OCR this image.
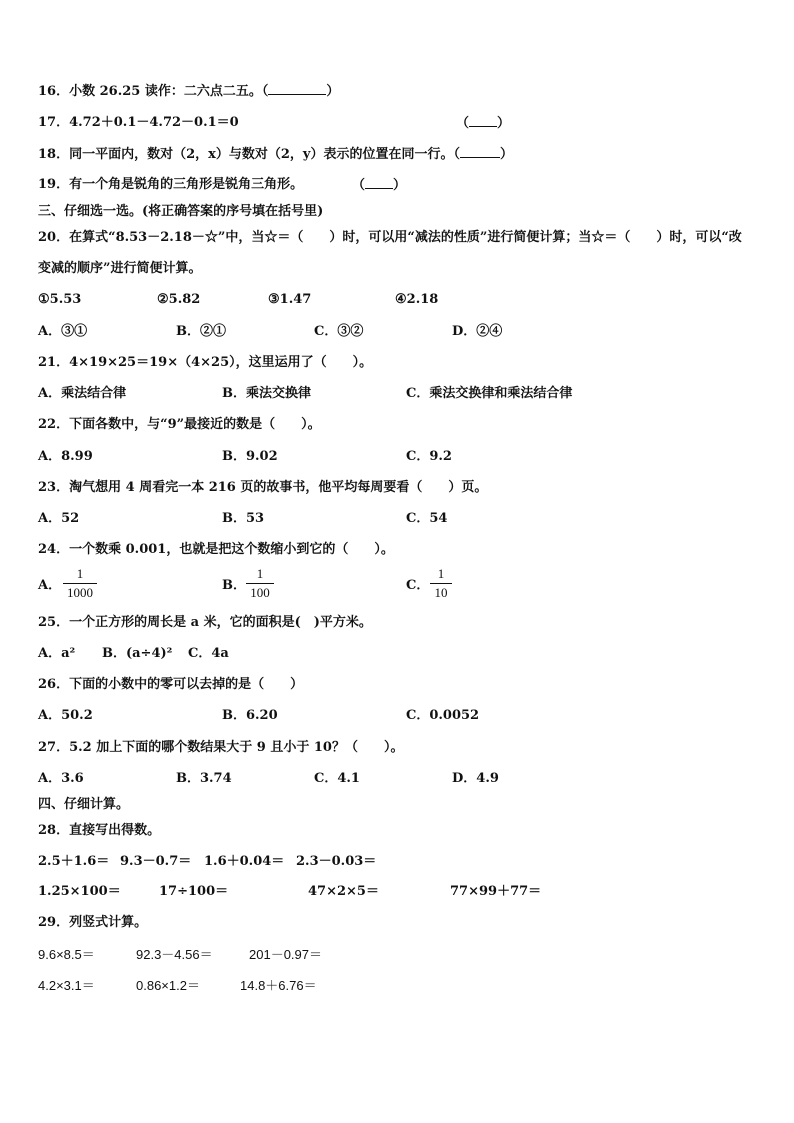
16．小数 26.25 读作：二六点二五。（	）
17．4.72＋0.1－4.72－0.1＝0	（ ）
18．同一平面内，数对（2，x）与数对（2，y）表示的位置在同一行。（	）
19．有一个角是锐角的三角形是锐角三角形。	（ ）
三、仔细选一选。(将正确答案的序号填在括号里)
20．在算式“8.53－2.18－☆”中，当☆＝（　　）时，可以用“减法的性质”进行简便计算；当☆＝（　　）时，可以“改
变减的顺序”进行简便计算。
①5.53	②5.82	③1.47	④2.18
A．③①	B．②①	C．③②	D．②④
21．4×19×25＝19×（4×25），这里运用了（　　）。
A．乘法结合律	B．乘法交换律	C．乘法交换律和乘法结合律
22．下面各数中，与“9”最接近的数是（　　）。
A．8.99	B．9.02	C．9.2
23．淘气想用 4 周看完一本 216 页的故事书，他平均每周要看（　　）页。
A．52	B．53	C．54
24．一个数乘 0.001，也就是把这个数缩小到它的（　　）。
A．
1
1000	B．
1
100	C．
1
10
25．一个正方形的周长是 a 米，它的面积是(　)平方米。
A．a² B．(a÷4)² C．4a
26．下面的小数中的零可以去掉的是（　　）
A．50.2	B．6.20	C．0.0052
27．5.2 加上下面的哪个数结果大于 9 且小于 10？（　　）。
A．3.6	B．3.74	C．4.1	D．4.9
四、仔细计算。
28．直接写出得数。
2.5＋1.6＝ 9.3－0.7＝ 1.6＋0.04＝ 2.3－0.03＝
1.25×100＝	17÷100＝	47×2×5＝	77×99＋77＝
29．列竖式计算。
9.6×8.5＝	92.3－4.56＝	201－0.97＝
4.2×3.1＝	0.86×1.2＝	14.8＋6.76＝
